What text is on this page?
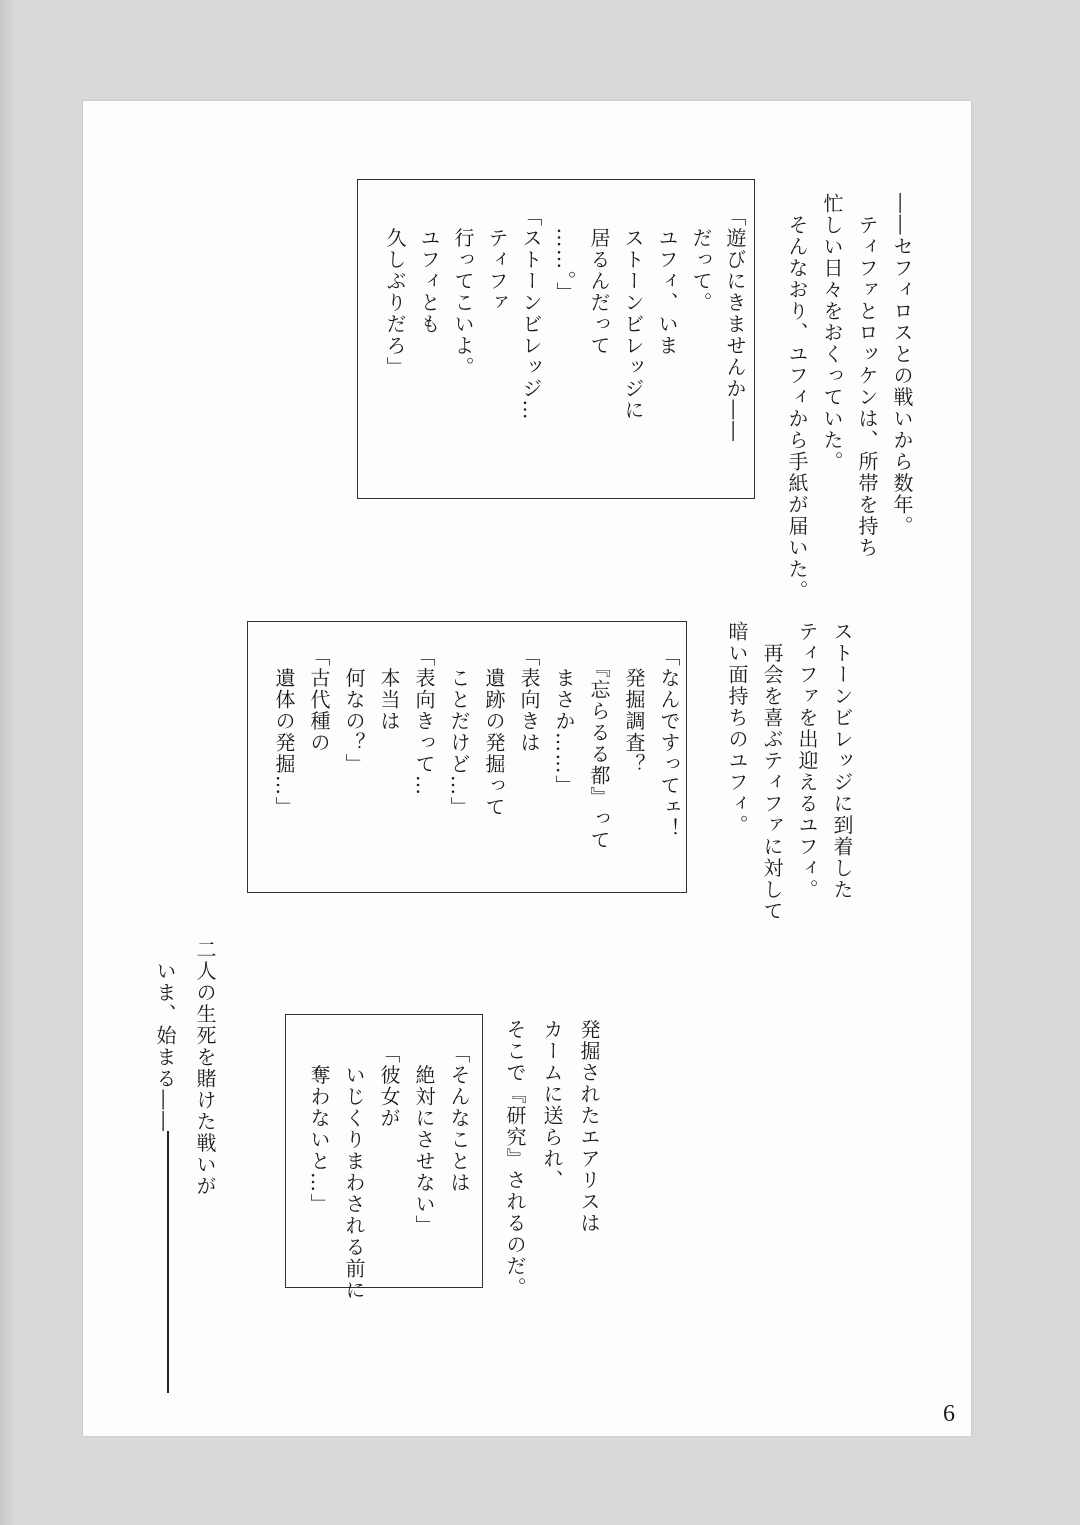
――セフィロスとの戦いから数年。
　ティファとロッケンは、所帯を持ち
忙しい日々をおくっていた。
　そんなおり、ユフィから手紙が届いた。
「遊びにきませんか――
　だって。
　ユフィ、いま
　ストーンビレッジに
　居るんだって
　……。」
「ストーンビレッジ…
　ティファ
　行ってこいよ。
　ユフィとも
　久しぶりだろ」
ストーンビレッジに到着した
ティファを出迎えるユフィ。
　再会を喜ぶティファに対して
暗い面持ちのユフィ。
「なんですってェ！
　発掘調査？
　『忘らるる都』って
　まさか……」
「表向きは
　遺跡の発掘って
　ことだけど…」
「表向きって…
　本当は
　何なの？」
「古代種の
　遺体の発掘…」
発掘されたエアリスは
カームに送られ、
そこで『研究』されるのだ。
「そんなことは
　絶対にさせない」
「彼女が
　いじくりまわされる前に
　奪わないと…」
二人の生死を賭けた戦いが
　いま、始まる――
6
